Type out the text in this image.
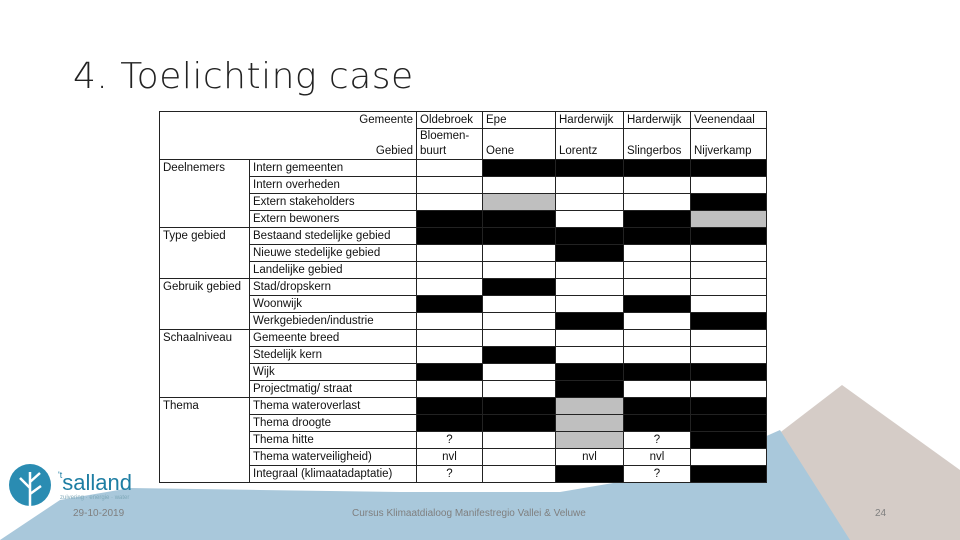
4. Toelichting case
Gemeente		Oldebroek	Epe	Harderwijk	Harderwijk	Veenendaal
Gebied		Bloemen-buurt	Oene	Lorentz	Slingerbos	Nijverkamp
Deelnemers	Intern gemeenten					
	Intern overheden					
	Extern stakeholders					
	Extern bewoners					
Type gebied	Bestaand stedelijke gebied					
	Nieuwe stedelijke gebied					
	Landelijke gebied					
Gebruik gebied	Stad/dropskern					
	Woonwijk					
	Werkgebieden/industrie					
Schaalniveau	Gemeente breed					
	Stedelijk kern					
	Wijk					
	Projectmatig/ straat					
Thema	Thema wateroverlast					
	Thema droogte					
	Thema hitte	?			?	
	Thema waterveiligheid)	nvl		nvl	nvl	
	Integraal (klimaatadaptatie)	?			?	
$^{'t}$salland
zuivering · energie · water
29-10-2019	Cursus Klimaatdialoog Manifestregio Vallei & Veluwe	24
